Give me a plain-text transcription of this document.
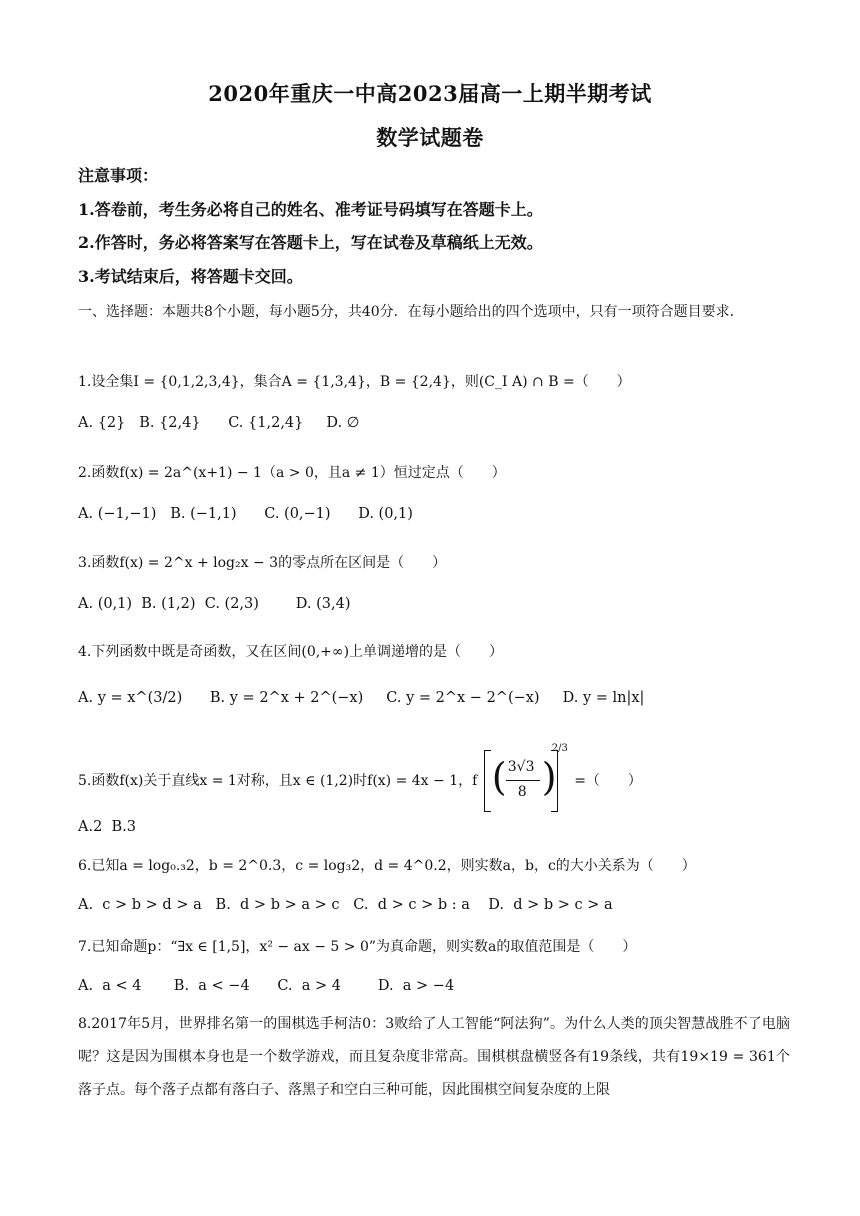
2020年重庆一中高2023届高一上期半期考试
数学试题卷
注意事项：
1.答卷前，考生务必将自己的姓名、准考证号码填写在答题卡上。
2.作答时，务必将答案写在答题卡上，写在试卷及草稿纸上无效。
3.考试结束后，将答题卡交回。
一、选择题：本题共8个小题，每小题5分，共40分．在每小题给出的四个选项中，只有一项符合题目要求．
1.设全集I = {0,1,2,3,4}，集合A = {1,3,4}，B = {2,4}，则(C_I A) ∩ B =（　　）
A. {2}   B. {2,4}      C. {1,2,4}     D. ∅
2.函数f(x) = 2a^(x+1) − 1（a > 0，且a ≠ 1）恒过定点（　　）
A. (−1,−1)   B. (−1,1)      C. (0,−1)      D. (0,1)
3.函数f(x) = 2^x + log₂x − 3的零点所在区间是（　　）
A. (0,1)  B. (1,2)  C. (2,3)        D. (3,4)
4.下列函数中既是奇函数，又在区间(0,+∞)上单调递增的是（　　）
A. y = x^(3/2)      B. y = 2^x + 2^(−x)     C. y = 2^x − 2^(−x)     D. y = ln|x|
5.函数f(x)关于直线x = 1对称，且x ∈ (1,2)时f(x) = 4x − 1，f ( 3√3
8 )
2/3
=（　　）
A.2  B.3
6.已知a = log₀.₃2，b = 2^0.3，c = log₃2，d = 4^0.2，则实数a，b，c的大小关系为（　　）
A.  c > b > d > a   B.  d > b > a > c   C.  d > c > b : a    D.  d > b > c > a
7.已知命题p：“∃x ∈ [1,5]，x² − ax − 5 > 0”为真命题，则实数a的取值范围是（　　）
A.  a < 4       B.  a < −4      C.  a > 4        D.  a > −4
8.2017年5月，世界排名第一的围棋选手柯洁0：3败给了人工智能“阿法狗”。为什么人类的顶尖智慧战胜不了电脑呢？这是因为围棋本身也是一个数学游戏，而且复杂度非常高。围棋棋盘横竖各有19条线，共有19×19 = 361个落子点。每个落子点都有落白子、落黑子和空白三种可能，因此围棋空间复杂度的上限
